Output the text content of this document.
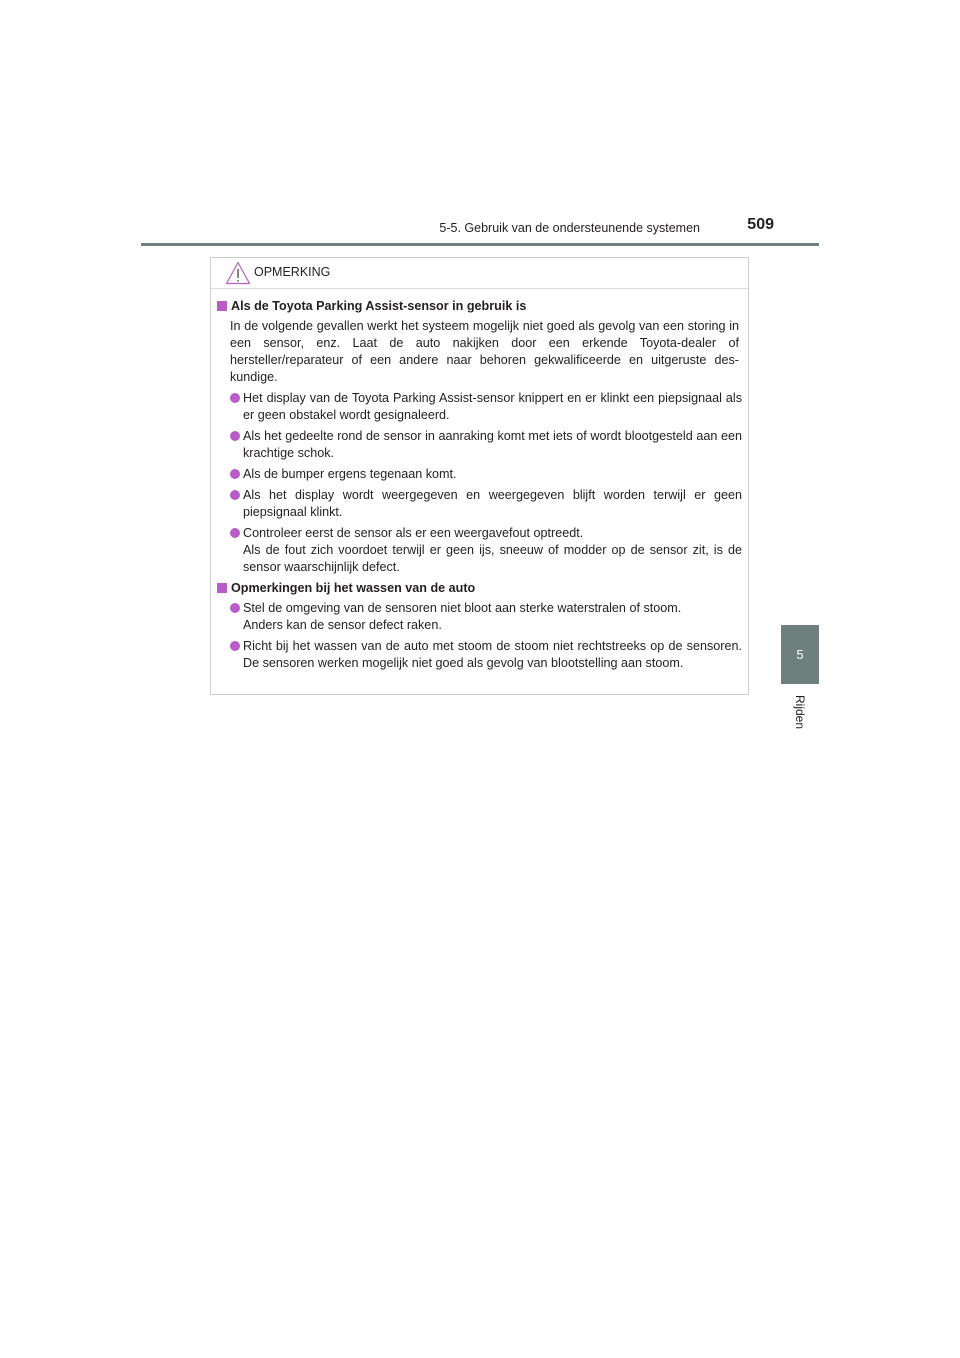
5-5. Gebruik van de ondersteunende systemen	509
5
Rijden
OPMERKING
Als de Toyota Parking Assist-sensor in gebruik is
In de volgende gevallen werkt het systeem mogelijk niet goed als gevolg van een storing in een sensor, enz. Laat de auto nakijken door een erkende Toyota-dealer of hersteller/reparateur of een andere naar behoren gekwalificeerde en uitgeruste deskundige.
Het display van de Toyota Parking Assist-sensor knippert en er klinkt een piepsignaal als er geen obstakel wordt gesignaleerd.
Als het gedeelte rond de sensor in aanraking komt met iets of wordt blootgesteld aan een krachtige schok.
Als de bumper ergens tegenaan komt.
Als het display wordt weergegeven en weergegeven blijft worden terwijl er geen piepsignaal klinkt.
Controleer eerst de sensor als er een weergavefout optreedt.
Als de fout zich voordoet terwijl er geen ijs, sneeuw of modder op de sensor zit, is de sensor waarschijnlijk defect.
Opmerkingen bij het wassen van de auto
Stel de omgeving van de sensoren niet bloot aan sterke waterstralen of stoom.
Anders kan de sensor defect raken.
Richt bij het wassen van de auto met stoom de stoom niet rechtstreeks op de sensoren. De sensoren werken mogelijk niet goed als gevolg van blootstelling aan stoom.
